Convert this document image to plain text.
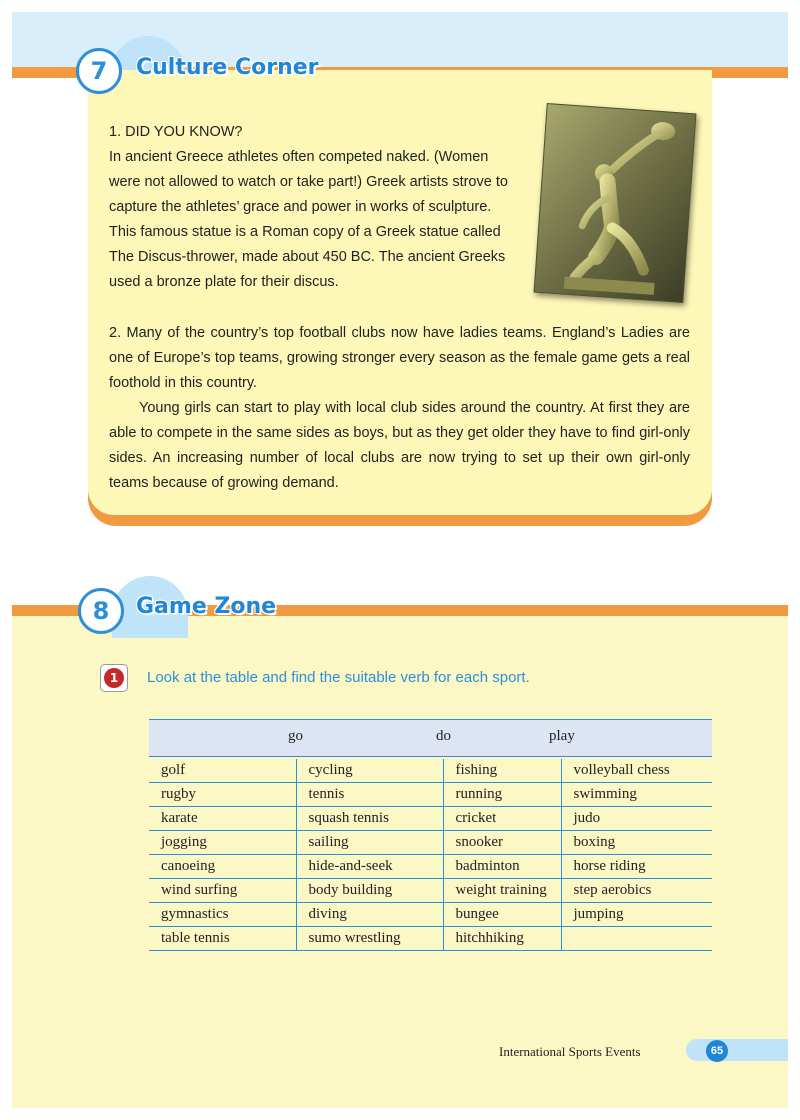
7	Culture Corner
1. DID YOU KNOW?
In ancient Greece athletes often competed naked. (Women
were not allowed to watch or take part!) Greek artists strove to
capture the athletes’ grace and power in works of sculpture.
This famous statue is a Roman copy of a Greek statue called
The Discus-thrower, made about 450 BC. The ancient Greeks
used a bronze plate for their discus.

2. Many of the country’s top football clubs now have ladies teams. England’s Ladies are one of Europe’s top teams, growing stronger every season as the female game gets a real foothold in this country.

Young girls can start to play with local club sides around the country. At first they are able to compete in the same sides as boys, but as they get older they have to find girl-only sides. An increasing number of local clubs are now trying to set up their own girl-only teams because of growing demand.

8	Game Zone
1	Look at the table and find the suitable verb for each sport.
go	do	play
golf	cycling	fishing	volleyball chess
rugby	tennis	running	swimming
karate	squash tennis	cricket	judo
jogging	sailing	snooker	boxing
canoeing	hide-and-seek	badminton	horse riding
wind surfing	body building	weight training	step aerobics
gymnastics	diving	bungee	jumping
table tennis	sumo wrestling	hitchhiking	
International Sports Events	65
